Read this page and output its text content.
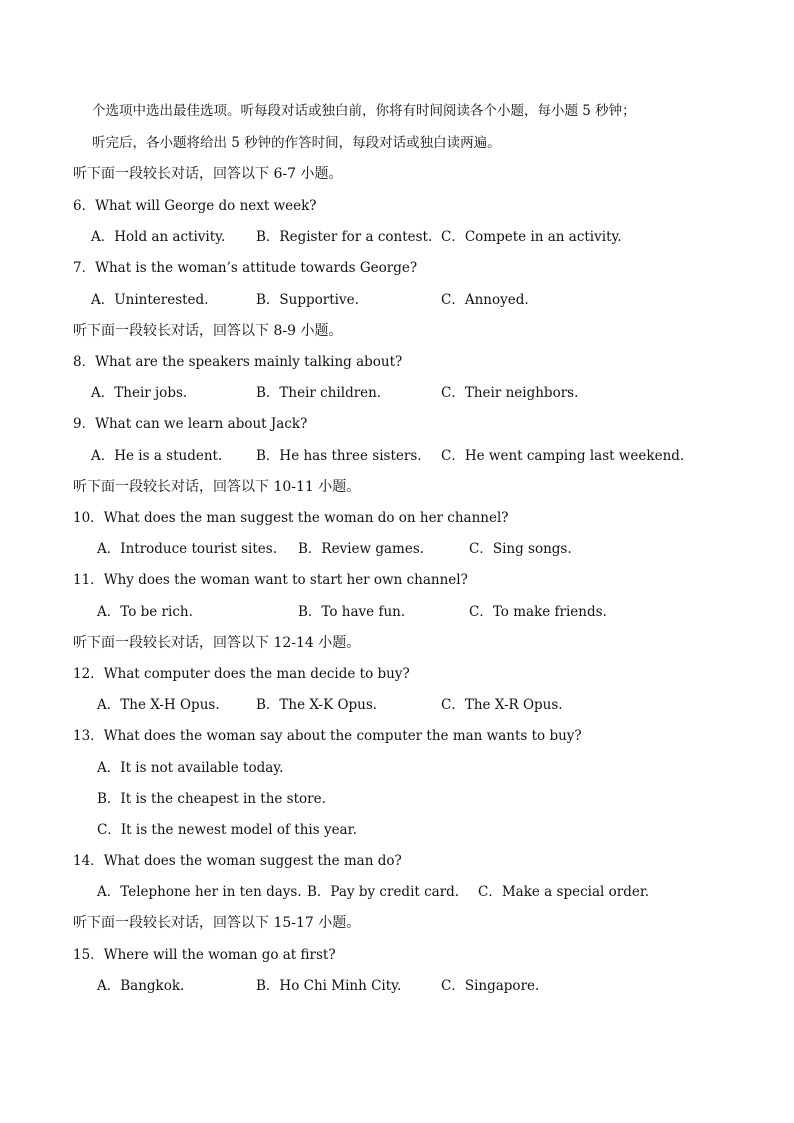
个选项中选出最佳选项。听每段对话或独白前，你将有时间阅读各个小题，每小题 5 秒钟；
听完后，各小题将给出 5 秒钟的作答时间，每段对话或独白读两遍。
听下面一段较长对话，回答以下 6-7 小题。
6．What will George do next week?
A．Hold an activity. B．Register for a contest. C．Compete in an activity.
7．What is the woman’s attitude towards George?
A．Uninterested.	B．Supportive.	C．Annoyed.
听下面一段较长对话，回答以下 8-9 小题。
8．What are the speakers mainly talking about?
A．Their jobs.	B．Their children.	C．Their neighbors.
9．What can we learn about Jack?
A．He is a student. B．He has three sisters. C．He went camping last weekend.
听下面一段较长对话，回答以下 10-11 小题。
10．What does the man suggest the woman do on her channel?
A．Introduce tourist sites. B．Review games.	C．Sing songs.
11．Why does the woman want to start her own channel?
A．To be rich.	B．To have fun.	C．To make friends.
听下面一段较长对话，回答以下 12-14 小题。
12．What computer does the man decide to buy?
A．The X-H Opus.	B．The X-K Opus.	C．The X-R Opus.
13．What does the woman say about the computer the man wants to buy?
A．It is not available today.
B．It is the cheapest in the store.
C．It is the newest model of this year.
14．What does the woman suggest the man do?
A．Telephone her in ten days. B．Pay by credit card. C．Make a special order.
听下面一段较长对话，回答以下 15-17 小题。
15．Where will the woman go at first?
A．Bangkok.	B．Ho Chi Minh City.	C．Singapore.
